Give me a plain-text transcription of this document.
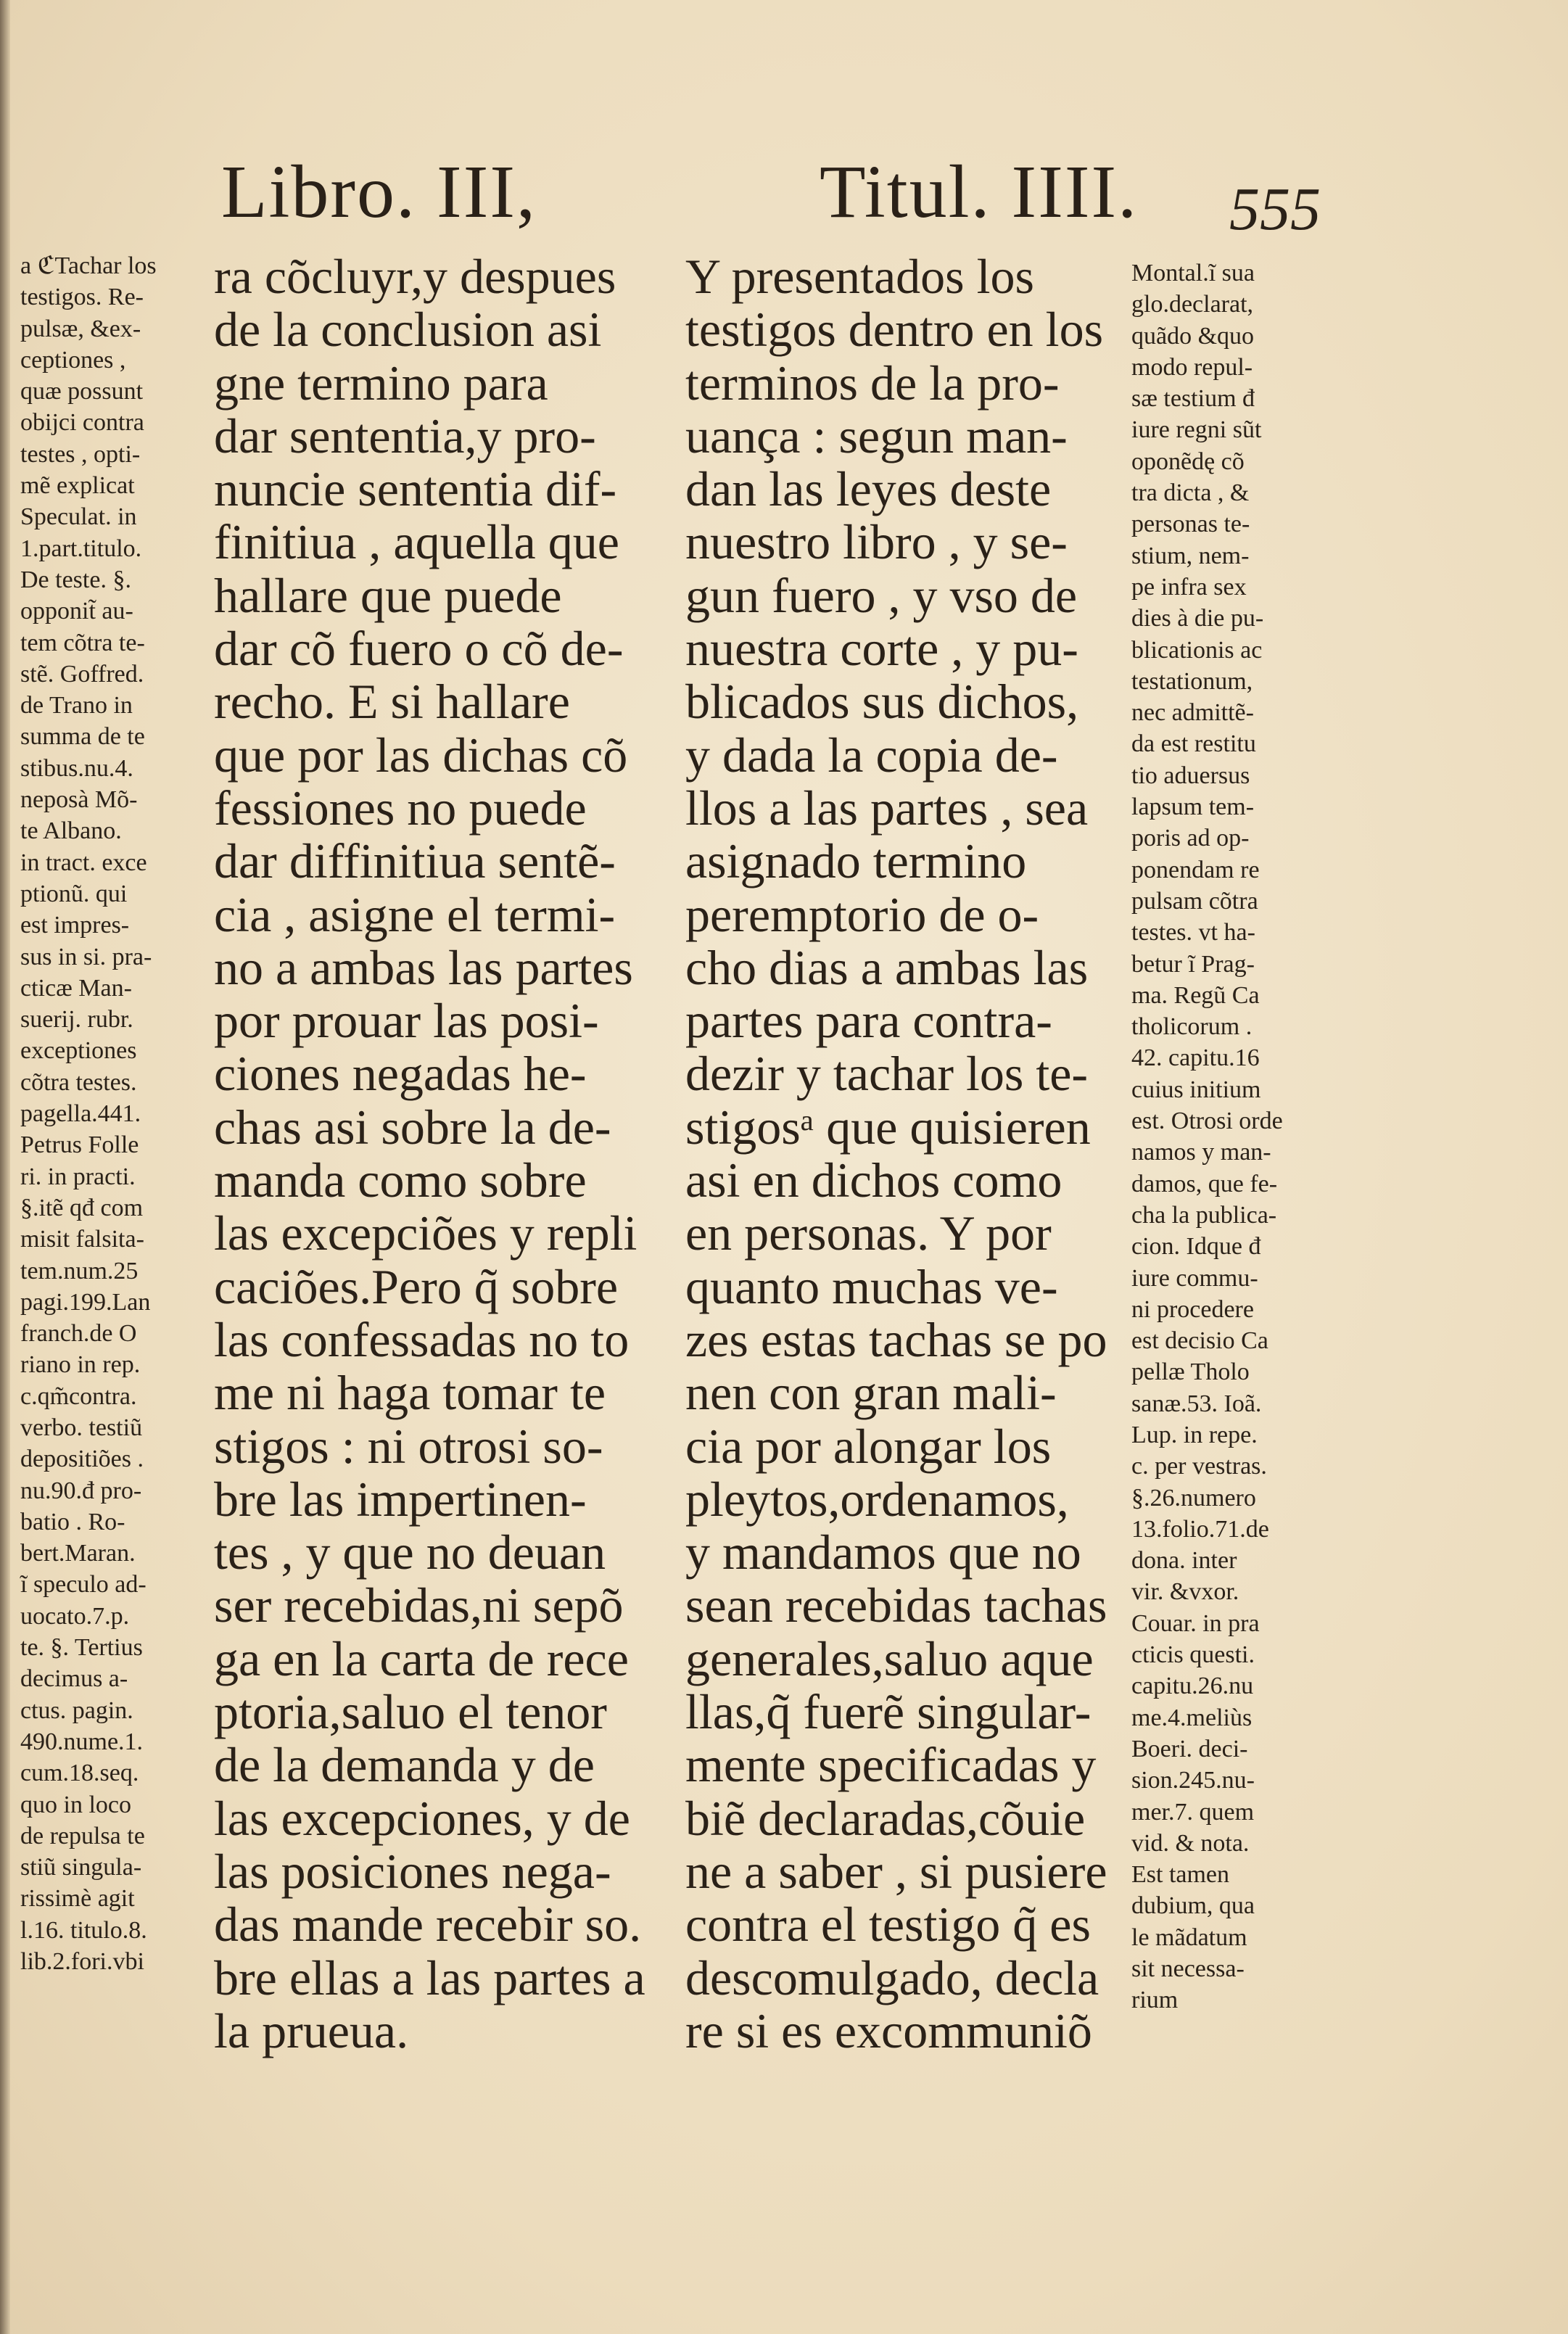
Libro. III,	Titul. IIII. 555
a ℭTachar los
testigos. Re-
pulsæ, &ex-
ceptiones ,
quæ possunt
obijci contra
testes , opti-
mẽ explicat
Speculat. in
1.part.titulo.
De teste. §.
opponit̃ au-
tem cõtra te-
stẽ. Goffred.
de Trano in
summa de te
stibus.nu.4.
neposà Mõ-
te Albano.
in tract. exce
ptionũ. qui
est impres-
sus in si. pra-
cticæ Man-
suerij. rubr.
exceptiones
cõtra testes.
pagella.441.
Petrus Folle
ri. in practi.
§.itẽ qđ com
misit falsita-
tem.num.25
pagi.199.Lan
franch.de O
riano in rep.
c.qm̃contra.
verbo. testiũ
depositiões .
nu.90.đ pro-
batio . Ro-
bert.Maran.
ĩ speculo ad-
uocato.7.p.
te. §. Tertius
decimus a-
ctus. pagin.
490.nume.1.
cum.18.seq.
quo in loco
de repulsa te
stiũ singula-
rissimè agit
l.16. titulo.8.
lib.2.fori.vbi
ra cõcluyr,y despues
de la conclusion asi
gne termino para
dar sententia,y pro-
nuncie sententia dif-
finitiua , aquella que
hallare que puede
dar cõ fuero o cõ de-
recho. E si hallare
que por las dichas cõ
fessiones no puede
dar diffinitiua sentẽ-
cia , asigne el termi-
no a ambas las partes
por prouar las posi-
ciones negadas he-
chas asi sobre la de-
manda como sobre
las excepciões y repli
caciões.Pero q̃ sobre
las confessadas no to
me ni haga tomar te
stigos : ni otrosi so-
bre las impertinen-
tes , y que no deuan
ser recebidas,ni sepõ
ga en la carta de rece
ptoria,saluo el tenor
de la demanda y de
las excepciones, y de
las posiciones nega-
das mande recebir so.
bre ellas a las partes a
la prueua.
Y presentados los
testigos dentro en los
terminos de la pro-
uança : segun man-
dan las leyes deste
nuestro libro , y se-
gun fuero , y vso de
nuestra corte , y pu-
blicados sus dichos,
y dada la copia de-
llos a las partes , sea
asignado termino
peremptorio de o-
cho dias a ambas las
partes para contra-
dezir y tachar los te-
stigosᵃ que quisieren
asi en dichos como
en personas. Y por
quanto muchas ve-
zes estas tachas se po
nen con gran mali-
cia por alongar los
pleytos,ordenamos,
y mandamos que no
sean recebidas tachas
generales,saluo aque
llas,q̃ fuerẽ singular-
mente specificadas y
biẽ declaradas,cõuie
ne a saber , si pusiere
contra el testigo q̃ es
descomulgado, decla
re si es excommuniõ
Montal.ĩ sua
glo.declarat,
quãdo &quo
modo repul-
sæ testium đ
iure regni sũt
oponẽdę cõ
tra dicta , &
personas te-
stium, nem-
pe infra sex
dies à die pu-
blicationis ac
testationum,
nec admittẽ-
da est restitu
tio aduersus
lapsum tem-
poris ad op-
ponendam re
pulsam cõtra
testes. vt ha-
betur ĩ Prag-
ma. Regũ Ca
tholicorum .
42. capitu.16
cuius initium
est. Otrosi orde
namos y man-
damos, que fe-
cha la publica-
cion. Idque đ
iure commu-
ni procedere
est decisio Ca
pellæ Tholo
sanæ.53. Ioã.
Lup. in repe.
c. per vestras.
§.26.numero
13.folio.71.de
dona. inter
vir. &vxor.
Couar. in pra
cticis questi.
capitu.26.nu
me.4.meliùs
Boeri. deci-
sion.245.nu-
mer.7. quem
vid. & nota.
Est tamen
dubium, qua
le mãdatum
sit necessa-
rium
